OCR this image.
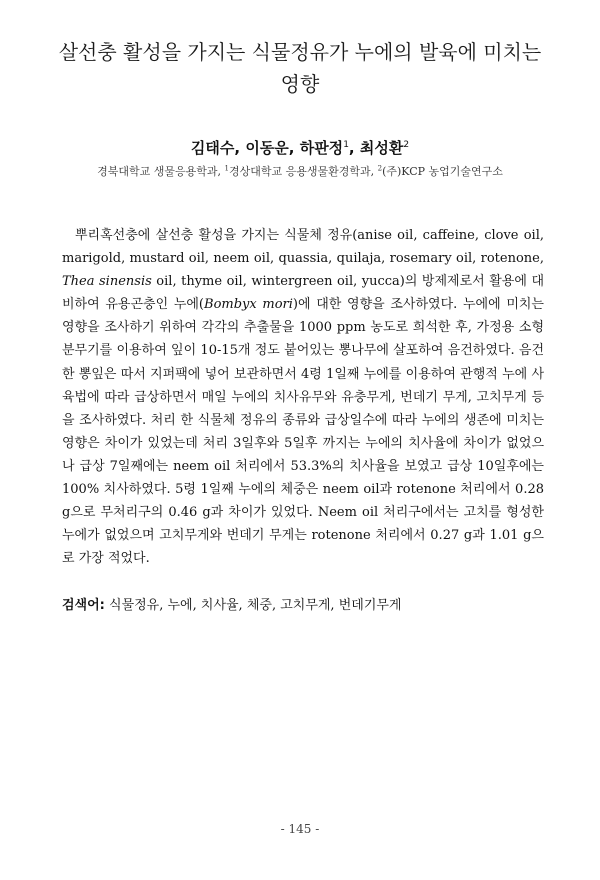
살선충 활성을 가지는 식물정유가 누에의 발육에 미치는
영향
김태수, 이동운, 하판정$^1$, 최성환$^2$
경북대학교 생물응용학과, $^1$경상대학교 응용생물환경학과, $^2$(주)KCP 농업기술연구소

 뿌리혹선충에 살선충 활성을 가지는 식물체 정유(anise oil, caffeine, clove oil, marigold, mustard oil, neem oil, quassia, quilaja, rosemary oil, rotenone, Thea sinensis oil, thyme oil, wintergreen oil, yucca)의 방제제로서 활용에 대비하여 유용곤충인 누에(Bombyx mori)에 대한 영향을 조사하였다. 누에에 미치는 영향을 조사하기 위하여 각각의 추출물을 1000 ppm 농도로 희석한 후, 가정용 소형 분무기를 이용하여 잎이 10-15개 정도 붙어있는 뽕나무에 살포하여 음건하였다. 음건한 뽕잎은 따서 지퍼팩에 넣어 보관하면서 4령 1일째 누에를 이용하여 관행적 누에 사육법에 따라 급상하면서 매일 누에의 치사유무와 유충무게, 번데기 무게, 고치무게 등을 조사하였다. 처리 한 식물체 정유의 종류와 급상일수에 따라 누에의 생존에 미치는 영향은 차이가 있었는데 처리 3일후와 5일후 까지는 누에의 치사율에 차이가 없었으나 급상 7일째에는 neem oil 처리에서 53.3%의 치사율을 보였고 급상 10일후에는 100% 치사하였다. 5령 1일째 누에의 체중은 neem oil과 rotenone 처리에서 0.28 g으로 무처리구의 0.46 g과 차이가 있었다. Neem oil 처리구에서는 고치를 형성한 누에가 없었으며 고치무게와 번데기 무게는 rotenone 처리에서 0.27 g과 1.01 g으로 가장 적었다.

검색어: 식물정유, 누에, 치사율, 체중, 고치무게, 번데기무게

- 145 -
